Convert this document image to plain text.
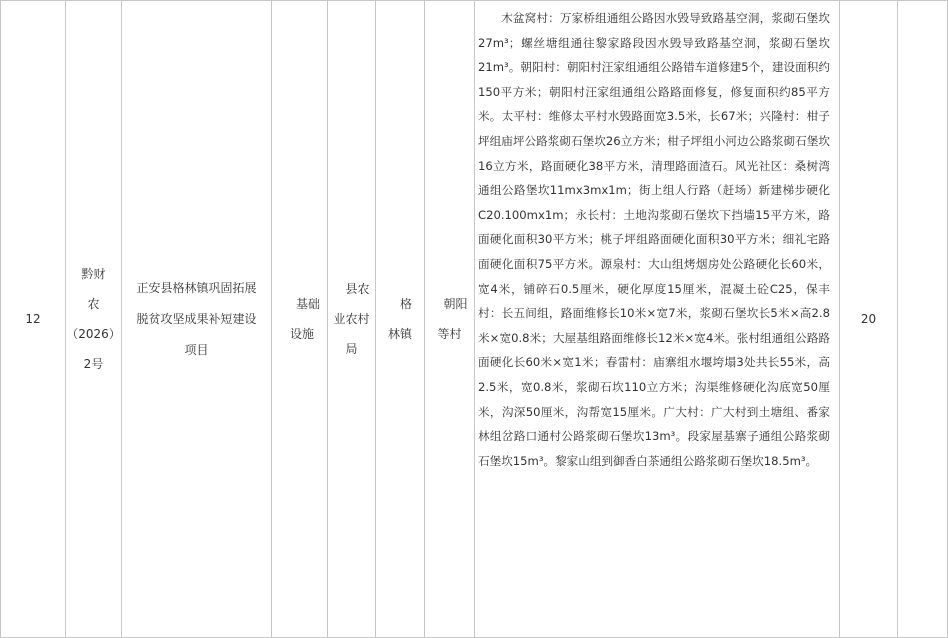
12
黔财
农
（2026）
2号
正安县格林镇巩固拓展脱贫攻坚成果补短建设项目
基础设施
县农业农村局
格林镇
朝阳等村
木盆窝村：万家桥组通组公路因水毁导致路基空洞，浆砌石堡坎27m³；螺丝塘组通往黎家路段因水毁导致路基空洞，浆砌石堡坎21m³。朝阳村：朝阳村汪家组通组公路错车道修建5个，建设面积约150平方米；朝阳村汪家组通组公路路面修复，修复面积约85平方米。太平村：维修太平村水毁路面宽3.5米，长67米；兴隆村：柑子坪组庙坪公路浆砌石堡坎26立方米；柑子坪组小河边公路浆砌石堡坎16立方米，路面硬化38平方米，清理路面渣石。风光社区：桑树湾通组公路堡坎11mx3mx1m；街上组人行路（赶场）新建梯步硬化C20.100mx1m；永长村：土地沟浆砌石堡坎下挡墙15平方米，路面硬化面积30平方米；桃子坪组路面硬化面积30平方米；细礼宅路面硬化面积75平方米。源泉村：大山组烤烟房处公路硬化长60米，宽4米，铺碎石0.5厘米，硬化厚度15厘米，混凝土砼C25，保丰村：长五间组，路面维修长10米×宽7米，浆砌石堡坎长5米×高2.8米×宽0.8米；大屋基组路面维修长12米×宽4米。张村组通组公路路面硬化长60米×宽1米；春雷村：庙寨组水堰垮塌3处共长55米，高2.5米，宽0.8米，浆砌石坎110立方米；沟渠维修硬化沟底宽50厘米，沟深50厘米，沟帮宽15厘米。广大村：广大村到土塘组、番家林组岔路口通村公路浆砌石堡坎13m³。段家屋基寨子通组公路浆砌石堡坎15m³。黎家山组到御香白茶通组公路浆砌石堡坎18.5m³。
20
